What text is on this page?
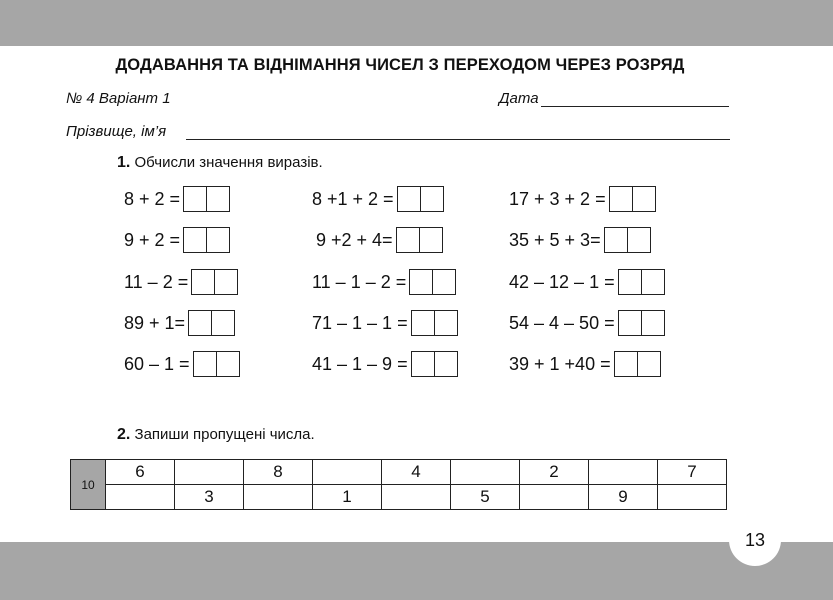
13
ДОДАВАННЯ ТА ВІДНІМАННЯ ЧИСЕЛ З ПЕРЕХОДОМ ЧЕРЕЗ РОЗРЯД
№ 4 Варіант 1	Дата
Прізвище, ім’я
1. Обчисли значення виразів.
8 + 2 =
9 + 2 =
11 – 2 =
89 + 1=
60 – 1 =
8 +1 + 2 =
9 +2 + 4=
11 – 1 – 2 =
71 – 1 – 1 =
41 – 1 – 9 =
17 + 3 + 2 =
35 + 5 + 3=
42 – 12 – 1 =
54 – 4 – 50 =
39 + 1 +40 =
2. Запиши пропущені числа.
10	6		8		4		2		7
		3		1		5		9	
